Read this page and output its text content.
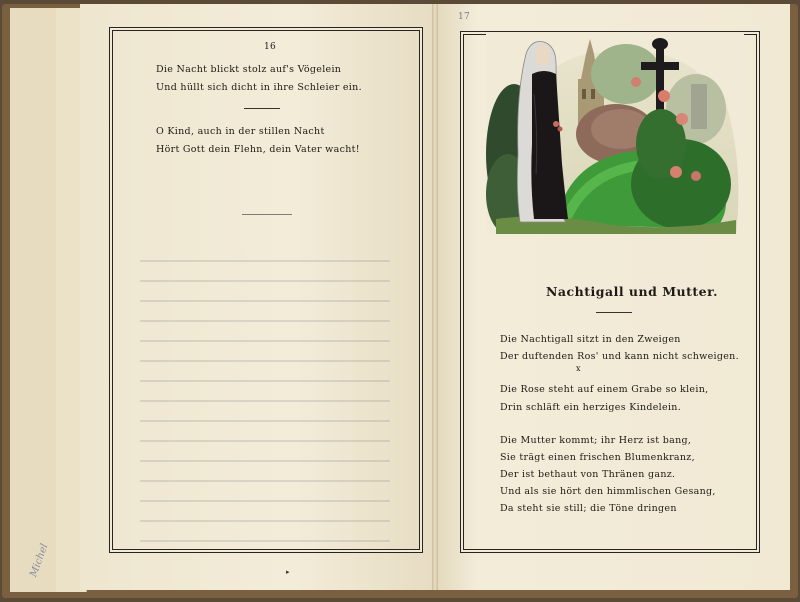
16
Die Nacht blickt stolz auf's Vögelein
Und hüllt sich dicht in ihre Schleier ein.
O Kind, auch in der stillen Nacht
Hört Gott dein Flehn, dein Vater wacht!
▸
Michel
17
Nachtigall und Mutter.
Die Nachtigall sitzt in den Zweigen
Der duftenden Ros' und kann nicht schweigen.
x
Die Rose steht auf einem Grabe so klein,
Drin schläft ein herziges Kindelein.
Die Mutter kommt; ihr Herz ist bang,
Sie trägt einen frischen Blumenkranz,
Der ist bethaut von Thränen ganz.
Und als sie hört den himmlischen Gesang,
Da steht sie still; die Töne dringen
